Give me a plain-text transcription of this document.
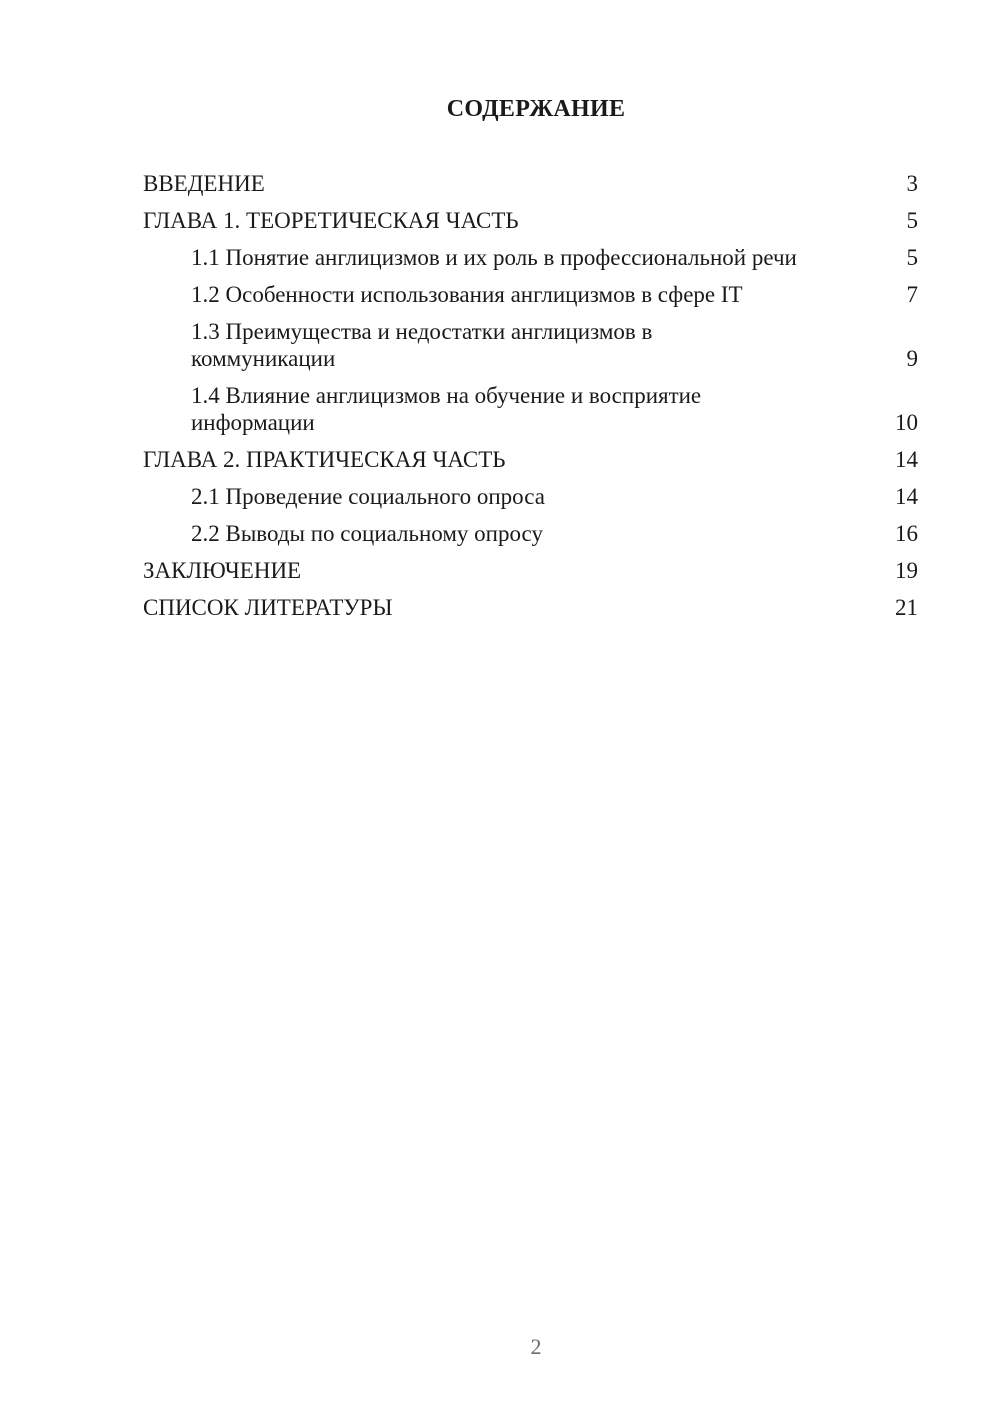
СОДЕРЖАНИЕ
ВВЕДЕНИЕ	3
ГЛАВА 1. ТЕОРЕТИЧЕСКАЯ ЧАСТЬ	5
1.1 Понятие англицизмов и их роль в профессиональной речи	5
1.2 Особенности использования англицизмов в сфере IT	7
1.3 Преимущества и недостатки англицизмов в коммуникации	9
1.4 Влияние англицизмов на обучение и восприятие информации	10
ГЛАВА 2. ПРАКТИЧЕСКАЯ ЧАСТЬ	14
2.1 Проведение социального опроса	14
2.2 Выводы по социальному опросу	16
ЗАКЛЮЧЕНИЕ	19
СПИСОК ЛИТЕРАТУРЫ	21
2
